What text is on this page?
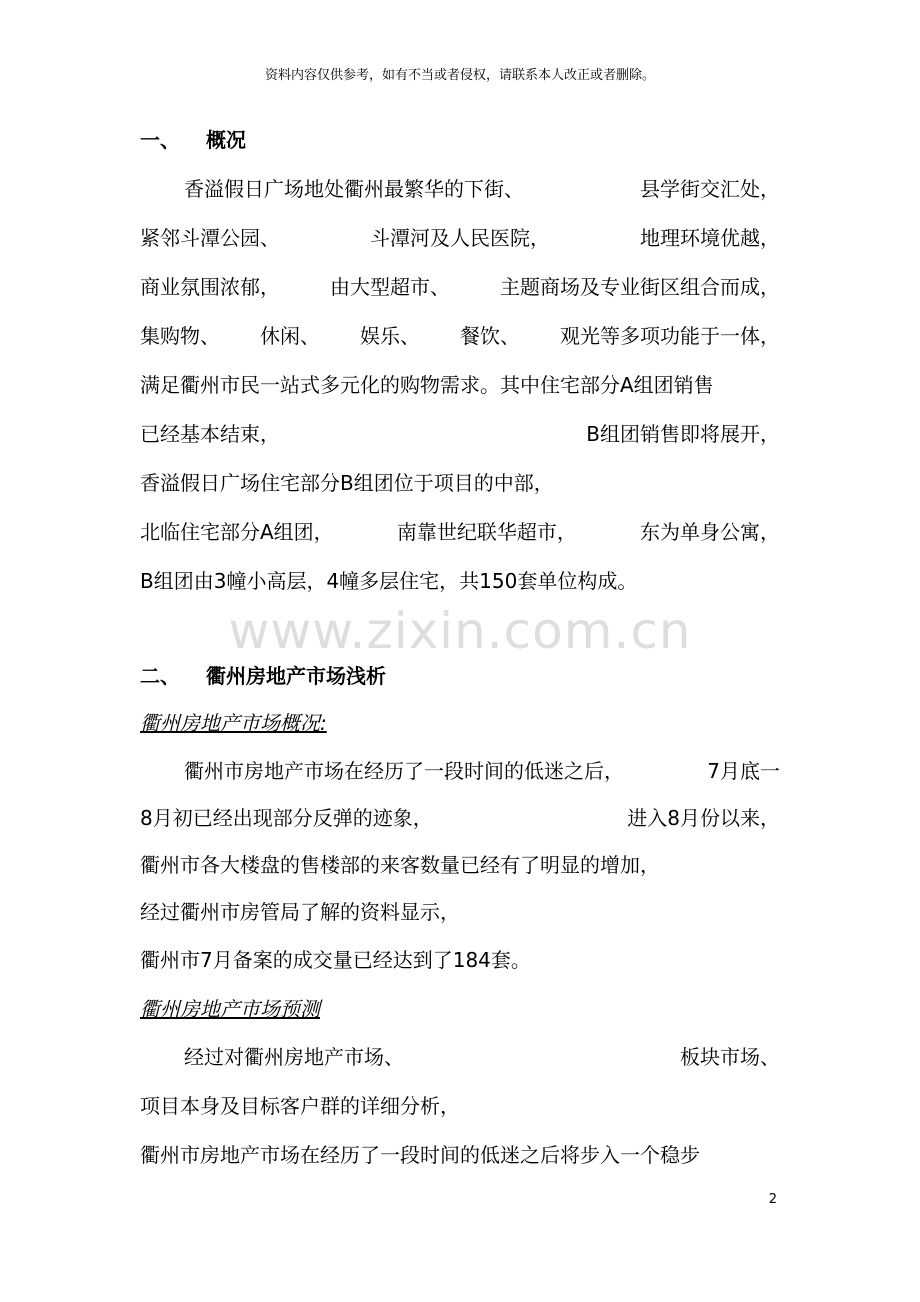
资料内容仅供参考，如有不当或者侵权，请联系本人改正或者删除。
一、 概况
香溢假日广场地处衢州最繁华的下街、	县学街交汇处，
紧邻斗潭公园、	斗潭河及人民医院，	地理环境优越，
商业氛围浓郁，	由大型超市、	主题商场及专业街区组合而成，
集购物、 休闲、 娱乐、 餐饮、 观光等多项功能于一体，
满足衢州市民一站式多元化的购物需求。其中住宅部分A组团销售
已经基本结束，	B组团销售即将展开，
香溢假日广场住宅部分B组团位于项目的中部，
北临住宅部分A组团，	南靠世纪联华超市，	东为单身公寓，
B组团由3幢小高层，4幢多层住宅，共150套单位构成。
www.zixin.com.cn
二、 衢州房地产市场浅析
衢州房地产市场概况:
衢州市房地产市场在经历了一段时间的低迷之后，	7月底一
8月初已经出现部分反弹的迹象，	进入8月份以来，
衢州市各大楼盘的售楼部的来客数量已经有了明显的增加，
经过衢州市房管局了解的资料显示，
衢州市7月备案的成交量已经达到了184套。
衢州房地产市场预测
经过对衢州房地产市场、	板块市场、
项目本身及目标客户群的详细分析，
衢州市房地产市场在经历了一段时间的低迷之后将步入一个稳步
2
